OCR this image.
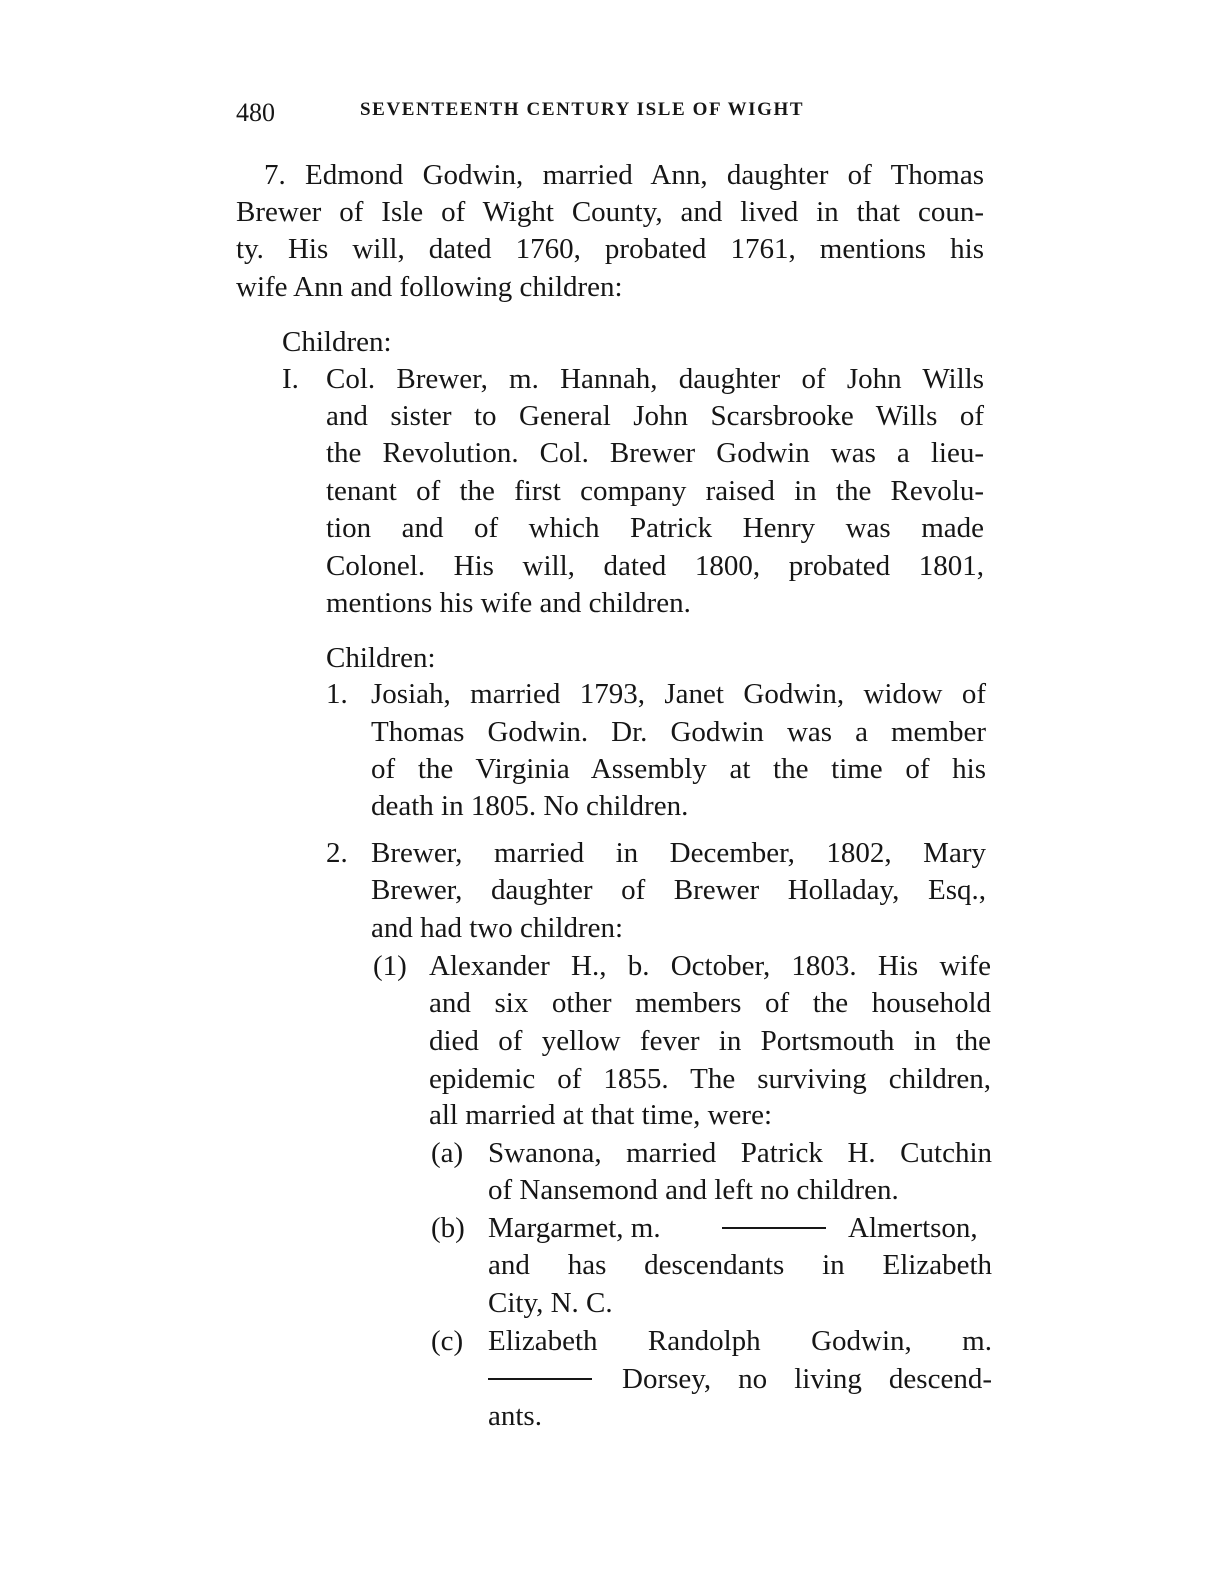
480	SEVENTEENTH CENTURY ISLE OF WIGHT
7. Edmond Godwin, married Ann, daughter of Thomas
Brewer of Isle of Wight County, and lived in that coun-
ty. His will, dated 1760, probated 1761, mentions his
wife Ann and following children:
Children:
I. Col. Brewer, m. Hannah, daughter of John Wills
and sister to General John Scarsbrooke Wills of
the Revolution. Col. Brewer Godwin was a lieu-
tenant of the first company raised in the Revolu-
tion and of which Patrick Henry was made
Colonel. His will, dated 1800, probated 1801,
mentions his wife and children.
Children:
1. Josiah, married 1793, Janet Godwin, widow of
Thomas Godwin. Dr. Godwin was a member
of the Virginia Assembly at the time of his
death in 1805. No children.
2. Brewer, married in December, 1802, Mary
Brewer, daughter of Brewer Holladay, Esq.,
and had two children:
(1) Alexander H., b. October, 1803. His wife
and six other members of the household
died of yellow fever in Portsmouth in the
epidemic of 1855. The surviving children,
all married at that time, were:
(a) Swanona, married Patrick H. Cutchin
of Nansemond and left no children.
(b) Margarmet, m.	Almertson,
and has descendants in Elizabeth
City, N. C.
(c) Elizabeth Randolph Godwin, m.
Dorsey, no living descend-
ants.
